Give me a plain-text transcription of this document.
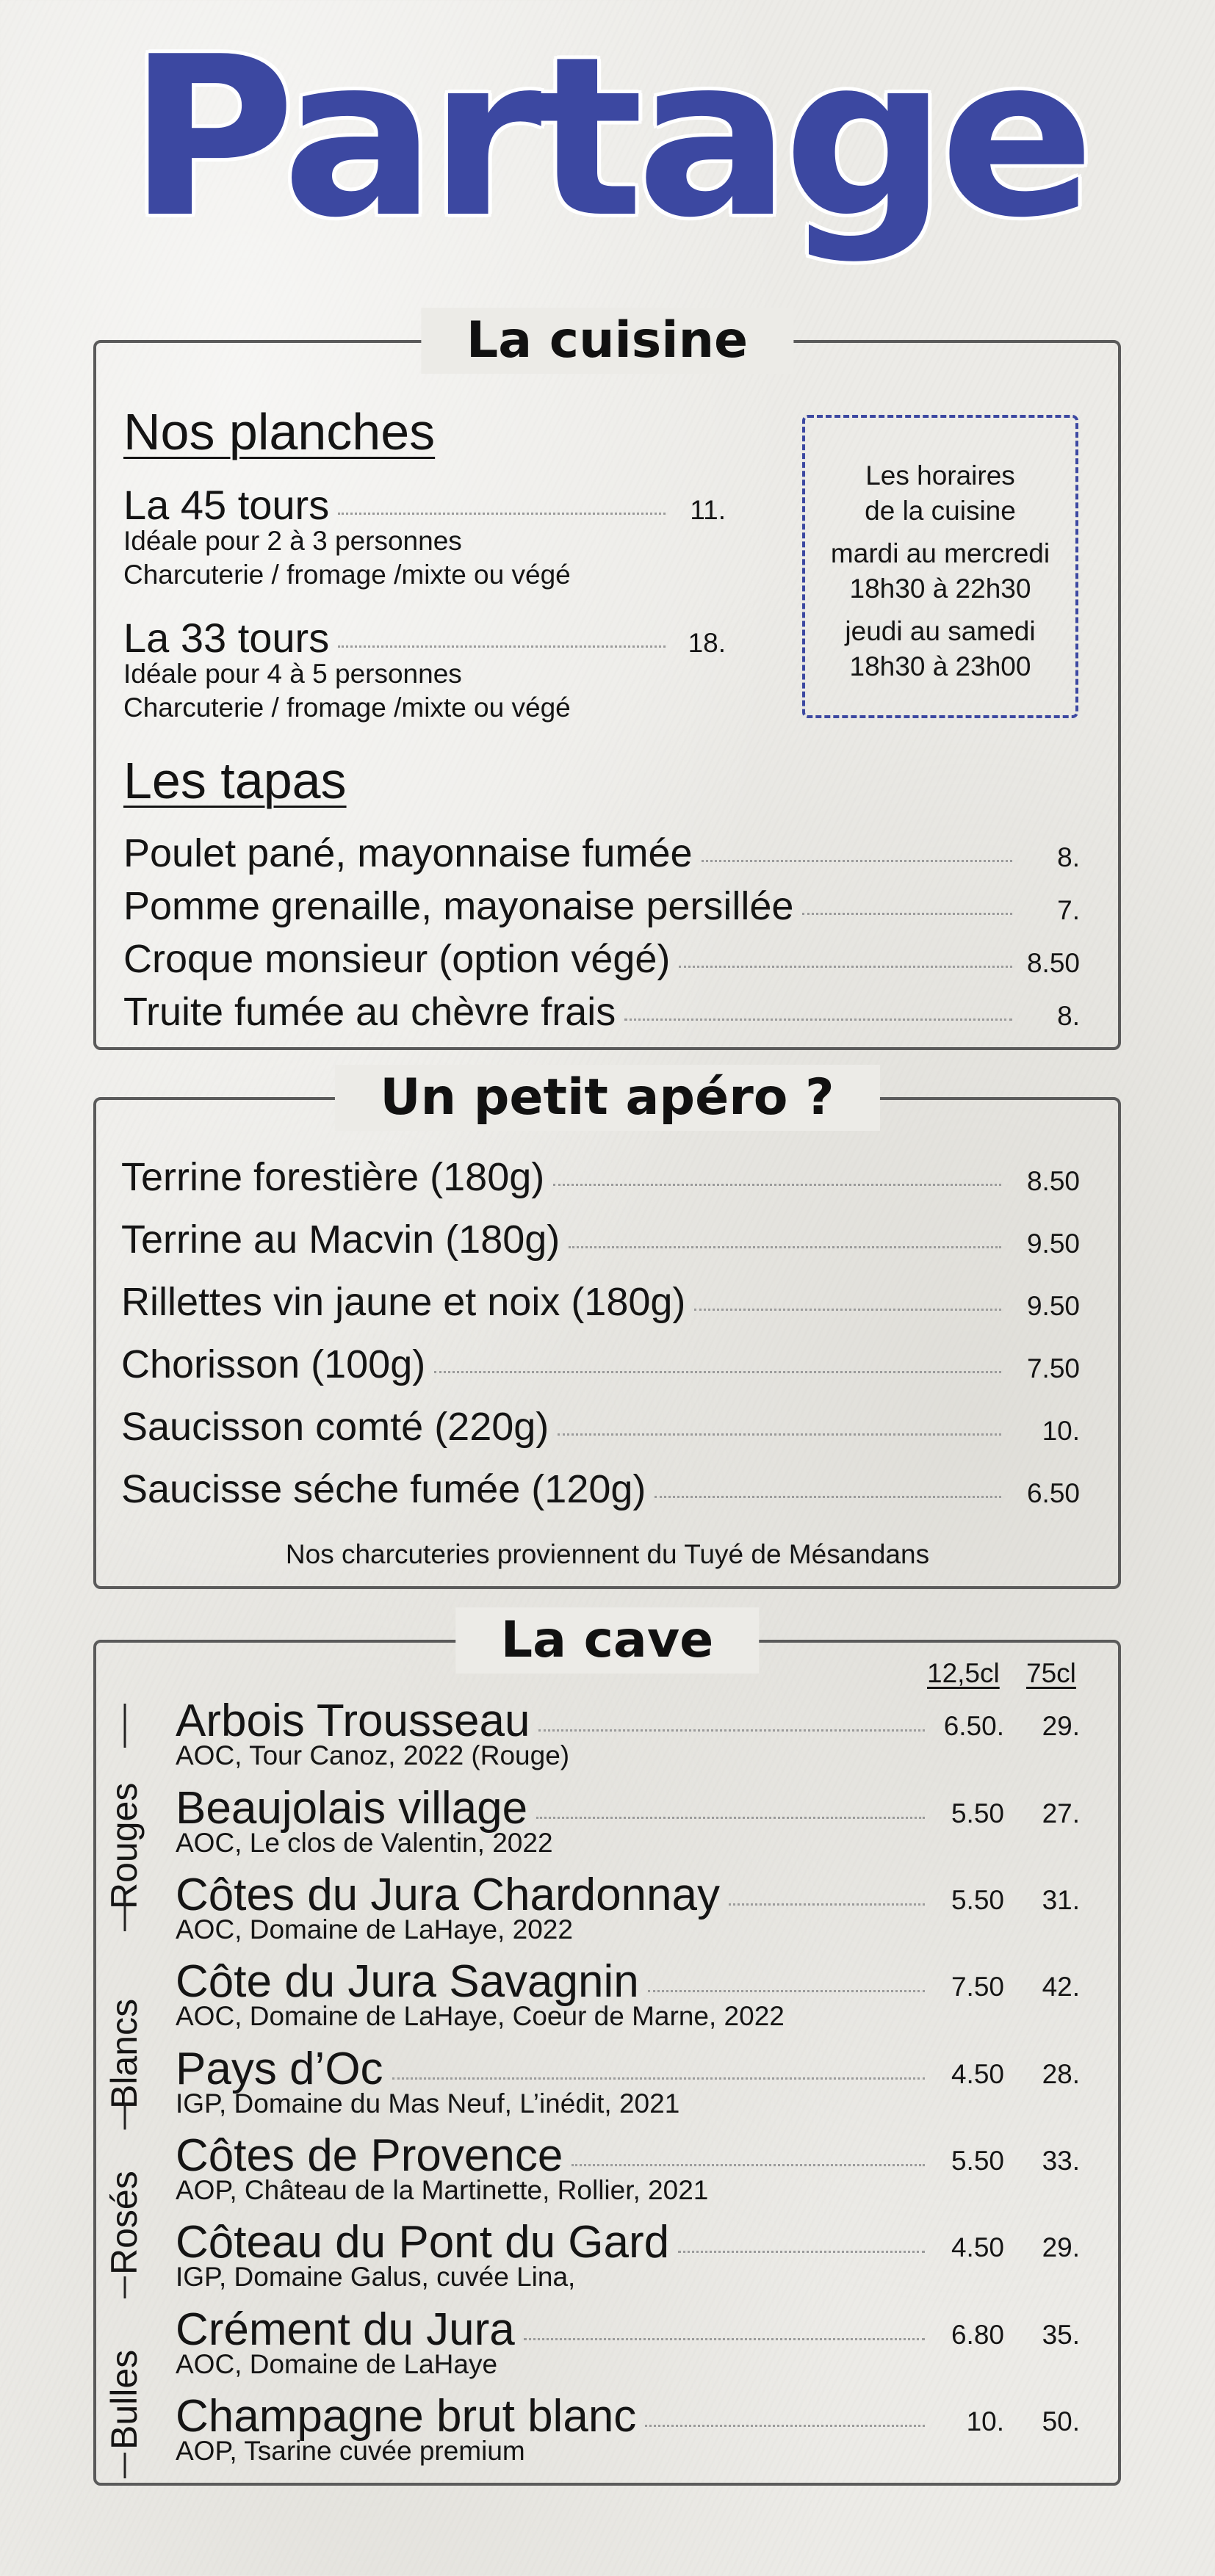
Partage
La cuisine
Nos planches
La 45 tours	11.
Idéale pour 2 à 3 personnes
Charcuterie / fromage /mixte ou végé
La 33 tours	18.
Idéale pour 4 à 5 personnes
Charcuterie / fromage /mixte ou végé
Les horaires
de la cuisine
mardi au mercredi
18h30 à 22h30
jeudi au samedi
18h30 à 23h00
Les tapas
Poulet pané, mayonnaise fumée	8.
Pomme grenaille, mayonaise persillée	7.
Croque monsieur (option végé)	8.50
Truite fumée au chèvre frais	8.
Un petit apéro ?
Terrine forestière (180g)	8.50
Terrine au Macvin (180g)	9.50
Rillettes vin jaune et noix (180g)	9.50
Chorisson (100g)	7.50
Saucisson comté (220g)	10.
Saucisse séche fumée (120g)	6.50
Nos charcuteries proviennent du Tuyé de Mésandans
La cave
12,5cl 75cl
Rouges
Blancs
Rosés
Bulles
Arbois Trousseau
AOC, Tour Canoz, 2022 (Rouge)
6.50.	29.
Beaujolais village
AOC, Le clos de Valentin, 2022
5.50	27.
Côtes du Jura Chardonnay
AOC, Domaine de LaHaye, 2022
5.50	31.
Côte du Jura Savagnin
AOC, Domaine de LaHaye, Coeur de Marne, 2022
7.50	42.
Pays d’Oc
IGP, Domaine du Mas Neuf, L’inédit, 2021
4.50	28.
Côtes de Provence
AOP, Château de la Martinette, Rollier, 2021
5.50	33.
Côteau du Pont du Gard
IGP, Domaine Galus, cuvée Lina,
4.50	29.
Crément du Jura
AOC, Domaine de LaHaye
6.80	35.
Champagne brut blanc
AOP, Tsarine cuvée premium
10.	50.
